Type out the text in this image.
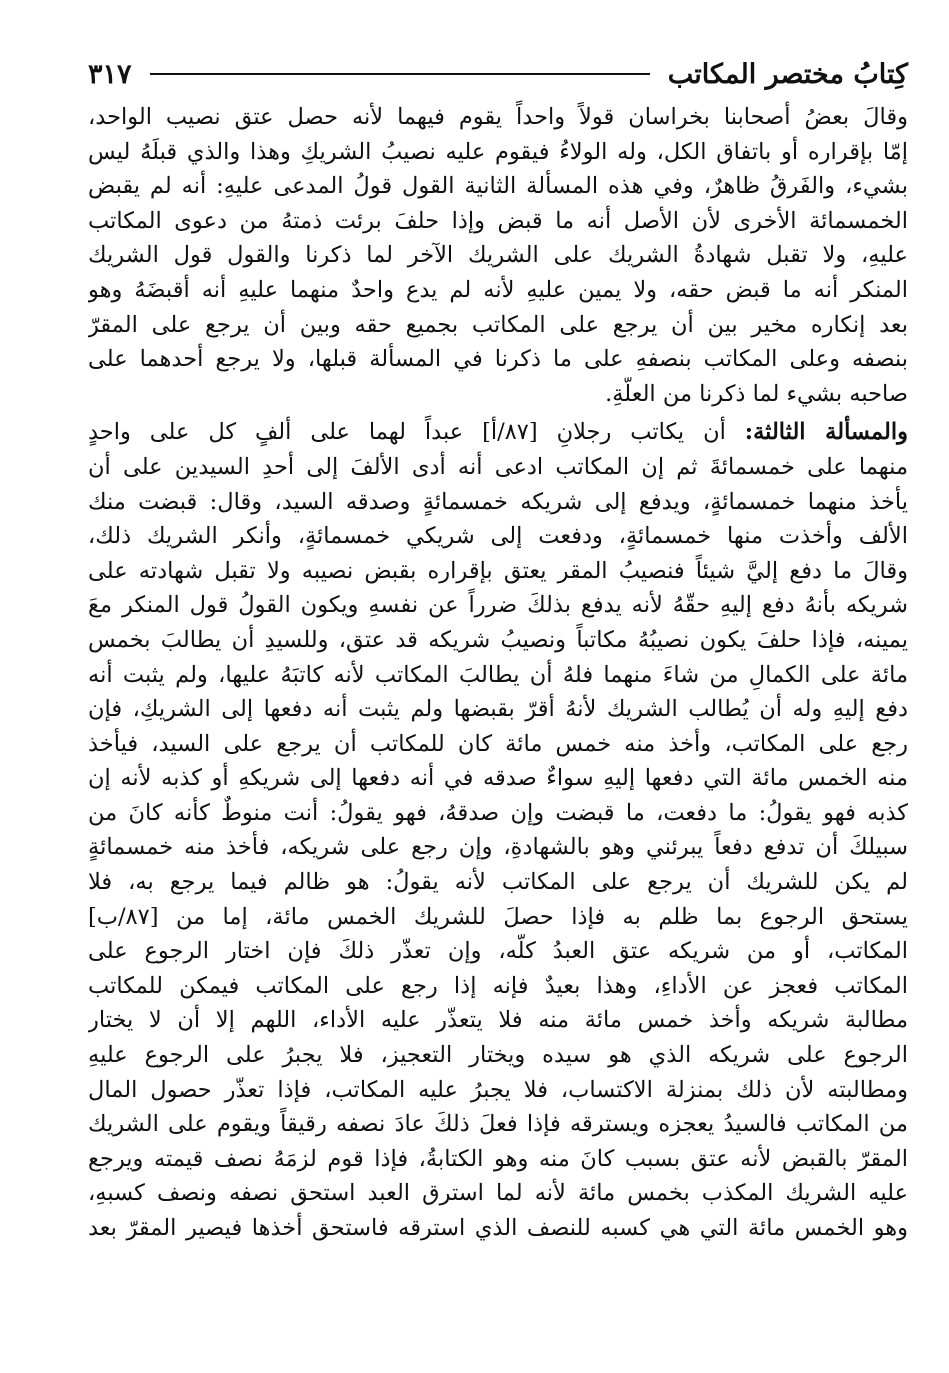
كِتابُ مختصر المكاتب
٣١٧
وقالَ بعضُ أصحابنا بخراسان قولاً واحداً يقوم فيهما لأنه حصل عتق نصيب الواحد،
إمّا بإقراره أو باتفاق الكل، وله الولاءُ فيقوم عليه نصيبُ الشريكِ وهذا والذي قبلَهُ ليس
بشيء، والفَرقُ ظاهرٌ، وفي هذه المسألة الثانية القول قولُ المدعى عليهِ: أنه لم يقبض
الخمسمائة الأخرى لأن الأصل أنه ما قبض وإذا حلفَ برئت ذمتهُ من دعوى المكاتب
عليهِ، ولا تقبل شهادةُ الشريك على الشريك الآخر لما ذكرنا والقول قول الشريك
المنكر أنه ما قبض حقه، ولا يمين عليهِ لأنه لم يدع واحدٌ منهما عليهِ أنه أقبضَهُ وهو
بعد إنكاره مخير بين أن يرجع على المكاتب بجميع حقه وبين أن يرجع على المقرّ
بنصفه وعلى المكاتب بنصفهِ على ما ذكرنا في المسألة قبلها، ولا يرجع أحدهما على
صاحبه بشيء لما ذكرنا من العلّةِ.
والمسألة الثالثة: أن يكاتب رجلانِ [٨٧/أ] عبداً لهما على ألفٍ كل على واحدٍ
منهما على خمسمائةَ ثم إن المكاتب ادعى أنه أدى الألفَ إلى أحدِ السيدين على أن
يأخذ منهما خمسمائةٍ، ويدفع إلى شريكه خمسمائةٍ وصدقه السيد، وقال: قبضت منك
الألف وأخذت منها خمسمائةٍ، ودفعت إلى شريكي خمسمائةٍ، وأنكر الشريك ذلك،
وقالَ ما دفع إليَّ شيئاً فنصيبُ المقر يعتق بإقراره بقبض نصيبه ولا تقبل شهادته على
شريكه بأنهُ دفع إليهِ حقّهُ لأنه يدفع بذلكَ ضرراً عن نفسهِ ويكون القولُ قول المنكر معَ
يمينه، فإذا حلفَ يكون نصيبُهُ مكاتباً ونصيبُ شريكه قد عتق، وللسيدِ أن يطالبَ بخمس
مائة على الكمالِ من شاءَ منهما فلهُ أن يطالبَ المكاتب لأنه كاتبَهُ عليها، ولم يثبت أنه
دفع إليهِ وله أن يُطالب الشريك لأنهُ أقرّ بقبضها ولم يثبت أنه دفعها إلى الشريكِ، فإن
رجع على المكاتب، وأخذ منه خمس مائة كان للمكاتب أن يرجع على السيد، فيأخذ
منه الخمس مائة التي دفعها إليهِ سواءٌ صدقه في أنه دفعها إلى شريكهِ أو كذبه لأنه إن
كذبه فهو يقولُ: ما دفعت، ما قبضت وإن صدقهُ، فهو يقولُ: أنت منوطٌ كأنه كانَ من
سبيلكَ أن تدفع دفعاً يبرئني وهو بالشهادةِ، وإن رجع على شريكه، فأخذ منه خمسمائةٍ
لم يكن للشريك أن يرجع على المكاتب لأنه يقولُ: هو ظالم فيما يرجع به، فلا
يستحق الرجوع بما ظلم به فإذا حصلَ للشريك الخمس مائة، إما من [٨٧/ب]
المكاتب، أو من شريكه عتق العبدُ كلّه، وإن تعذّر ذلكَ فإن اختار الرجوع على
المكاتب فعجز عن الأداءِ، وهذا بعيدٌ فإنه إذا رجع على المكاتب فيمكن للمكاتب
مطالبة شريكه وأخذ خمس مائة منه فلا يتعذّر عليه الأداء، اللهم إلا أن لا يختار
الرجوع على شريكه الذي هو سيده ويختار التعجيز، فلا يجبرُ على الرجوع عليهِ
ومطالبته لأن ذلك بمنزلة الاكتساب، فلا يجبرُ عليه المكاتب، فإذا تعذّر حصول المال
من المكاتب فالسيدُ يعجزه ويسترقه فإذا فعلَ ذلكَ عادَ نصفه رقيقاً ويقوم على الشريك
المقرّ بالقبض لأنه عتق بسبب كانَ منه وهو الكتابةُ، فإذا قوم لزمَهُ نصف قيمته ويرجع
عليه الشريك المكذب بخمس مائة لأنه لما استرق العبد استحق نصفه ونصف كسبهِ،
وهو الخمس مائة التي هي كسبه للنصف الذي استرقه فاستحق أخذها فيصير المقرّ بعد
